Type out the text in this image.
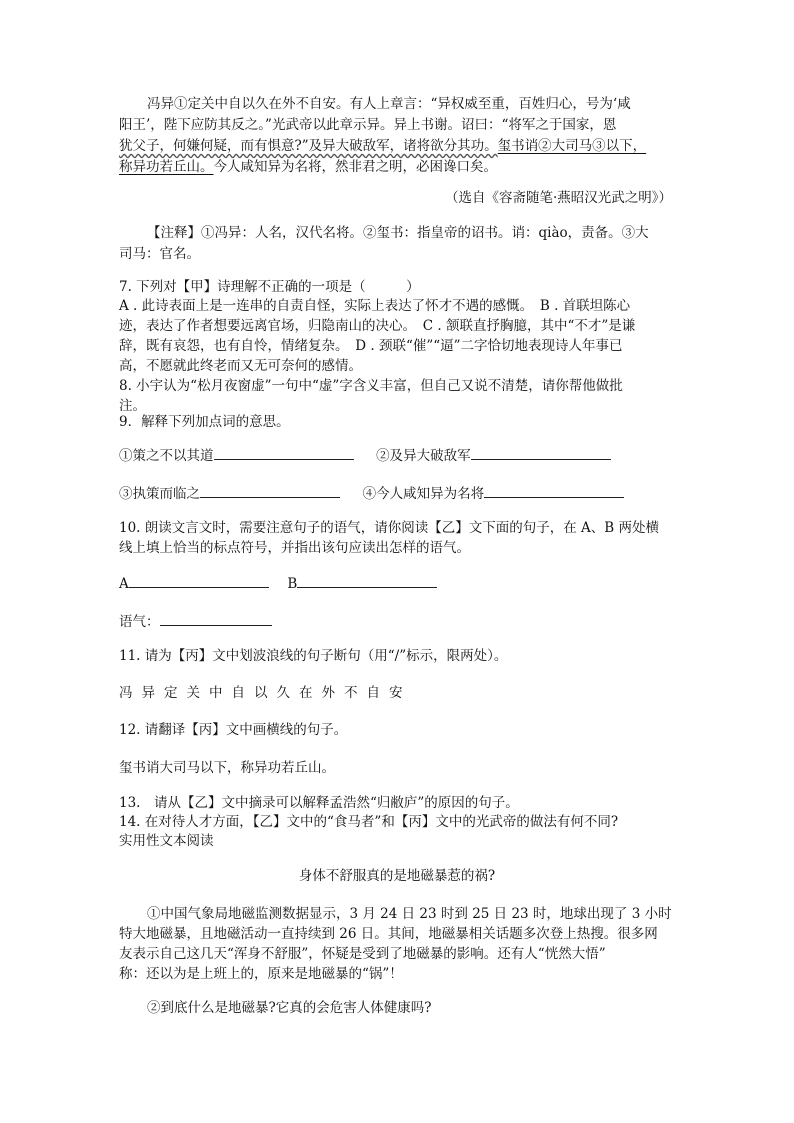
冯异①定关中自以久在外不自安。有人上章言：“异权威至重，百姓归心，号为‘咸
阳王’，陛下应防其反之。”光武帝以此章示异。异上书谢。诏曰：“将军之于国家，恩
犹父子，何嫌何疑，而有惧意?”及异大破敌军，诸将欲分其功。玺书诮②大司马③以下，
称异功若丘山。今人咸知异为名将，然非君之明，必困谗口矣。
（选自《容斋随笔·燕昭汉光武之明》）
【注释】①冯异：人名，汉代名将。②玺书：指皇帝的诏书。诮：qiào，责备。③大
司马：官名。
7. 下列对【甲】诗理解不正确的一项是（　　　）
A . 此诗表面上是一连串的自责自怪，实际上表达了怀才不遇的感慨。　B . 首联坦陈心
迹，表达了作者想要远离官场，归隐南山的决心。　C . 颔联直抒胸臆，其中“不才”是谦
辞，既有哀怨，也有自怜，情绪复杂。　D . 颈联“催”“逼”二字恰切地表现诗人年事已
高，不愿就此终老而又无可奈何的感情。
8. 小宇认为“松月夜窗虚”一句中“虚”字含义丰富，但自己又说不清楚，请你帮他做批
注。
9．解释下列加点词的意思。
①策之不以其道	②及异大破敌军
③执策而临之	④今人咸知异为名将
10. 朗读文言文时，需要注意句子的语气，请你阅读【乙】文下面的句子，在 A、B 两处横
线上填上恰当的标点符号，并指出该句应读出怎样的语气。
A	B
语气：
11. 请为【丙】文中划波浪线的句子断句（用“/”标示，限两处）。
冯异定关中自以久在外不自安
12. 请翻译【丙】文中画横线的句子。
玺书诮大司马以下，称异功若丘山。
13.　请从【乙】文中摘录可以解释孟浩然“归敝庐”的原因的句子。
14. 在对待人才方面，【乙】文中的“食马者”和【丙】文中的光武帝的做法有何不同?
实用性文本阅读
身体不舒服真的是地磁暴惹的祸?
①中国气象局地磁监测数据显示，3 月 24 日 23 时到 25 日 23 时，地球出现了 3 小时
特大地磁暴，且地磁活动一直持续到 26 日。其间，地磁暴相关话题多次登上热搜。很多网
友表示自己这几天“浑身不舒服”，怀疑是受到了地磁暴的影响。还有人“恍然大悟”
称：还以为是上班上的，原来是地磁暴的“锅”！
②到底什么是地磁暴?它真的会危害人体健康吗?
